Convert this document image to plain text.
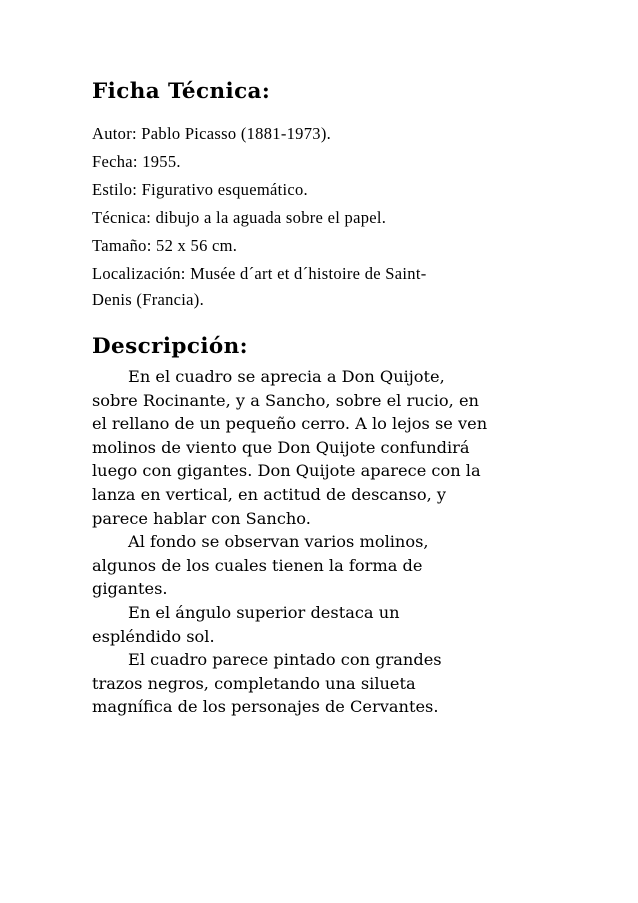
Ficha Técnica:

Autor: Pablo Picasso (1881-1973).

Fecha: 1955.

Estilo: Figurativo esquemático.

Técnica: dibujo a la aguada sobre el papel.

Tamaño: 52 x 56 cm.

Localización: Musée d´art et d´histoire de Saint-
Denis (Francia).

Descripción:

En el cuadro se aprecia a Don Quijote,
sobre Rocinante, y a Sancho, sobre el rucio, en
el rellano de un pequeño cerro. A lo lejos se ven
molinos de viento que Don Quijote confundirá
luego con gigantes. Don Quijote aparece con la
lanza en vertical, en actitud de descanso, y
parece hablar con Sancho.

Al fondo se observan varios molinos,
algunos de los cuales tienen la forma de
gigantes.

En el ángulo superior destaca un
espléndido sol.

El cuadro parece pintado con grandes
trazos negros, completando una silueta
magnífica de los personajes de Cervantes.
